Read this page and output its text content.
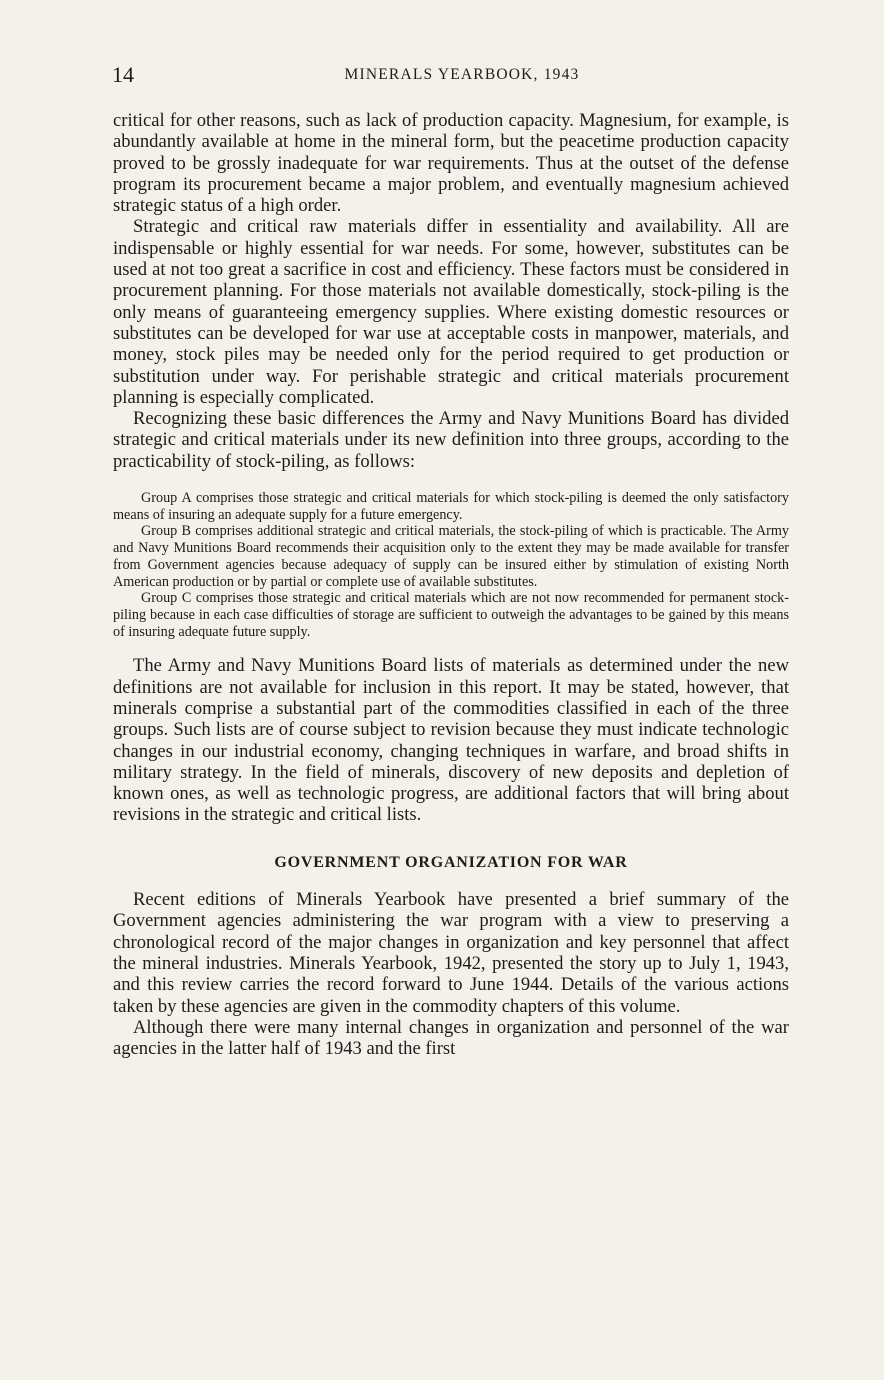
14	MINERALS YEARBOOK, 1943

critical for other reasons, such as lack of production capacity. Magnesium, for example, is abundantly available at home in the mineral form, but the peacetime production capacity proved to be grossly inadequate for war requirements. Thus at the outset of the defense program its procurement became a major problem, and eventually magnesium achieved strategic status of a high order.

Strategic and critical raw materials differ in essentiality and availability. All are indispensable or highly essential for war needs. For some, however, substitutes can be used at not too great a sacrifice in cost and efficiency. These factors must be considered in procurement planning. For those materials not available domestically, stock-piling is the only means of guaranteeing emergency supplies. Where existing domestic resources or substitutes can be developed for war use at acceptable costs in manpower, materials, and money, stock piles may be needed only for the period required to get production or substitution under way. For perishable strategic and critical materials procurement planning is especially complicated.

Recognizing these basic differences the Army and Navy Munitions Board has divided strategic and critical materials under its new definition into three groups, according to the practicability of stock-piling, as follows:

Group A comprises those strategic and critical materials for which stock-piling is deemed the only satisfactory means of insuring an adequate supply for a future emergency.

Group B comprises additional strategic and critical materials, the stock-piling of which is practicable. The Army and Navy Munitions Board recommends their acquisition only to the extent they may be made available for transfer from Government agencies because adequacy of supply can be insured either by stimulation of existing North American production or by partial or complete use of available substitutes.

Group C comprises those strategic and critical materials which are not now recommended for permanent stock-piling because in each case difficulties of storage are sufficient to outweigh the advantages to be gained by this means of insuring adequate future supply.

The Army and Navy Munitions Board lists of materials as determined under the new definitions are not available for inclusion in this report. It may be stated, however, that minerals comprise a substantial part of the commodities classified in each of the three groups. Such lists are of course subject to revision because they must indicate technologic changes in our industrial economy, changing techniques in warfare, and broad shifts in military strategy. In the field of minerals, discovery of new deposits and depletion of known ones, as well as technologic progress, are additional factors that will bring about revisions in the strategic and critical lists.

GOVERNMENT ORGANIZATION FOR WAR

Recent editions of Minerals Yearbook have presented a brief summary of the Government agencies administering the war program with a view to preserving a chronological record of the major changes in organization and key personnel that affect the mineral industries. Minerals Yearbook, 1942, presented the story up to July 1, 1943, and this review carries the record forward to June 1944. Details of the various actions taken by these agencies are given in the commodity chapters of this volume.

Although there were many internal changes in organization and personnel of the war agencies in the latter half of 1943 and the first
